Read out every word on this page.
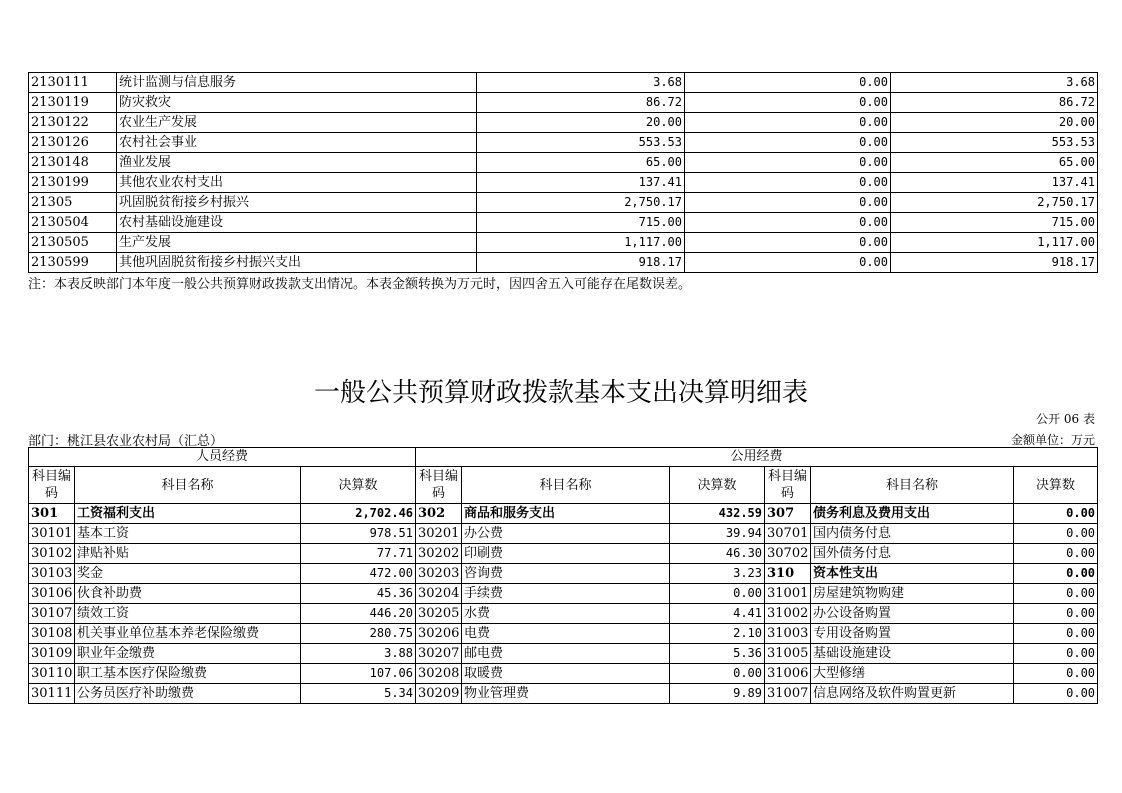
2130111	统计监测与信息服务	3.68	0.00	3.68
2130119	防灾救灾	86.72	0.00	86.72
2130122	农业生产发展	20.00	0.00	20.00
2130126	农村社会事业	553.53	0.00	553.53
2130148	渔业发展	65.00	0.00	65.00
2130199	其他农业农村支出	137.41	0.00	137.41
21305	巩固脱贫衔接乡村振兴	2,750.17	0.00	2,750.17
2130504	农村基础设施建设	715.00	0.00	715.00
2130505	生产发展	1,117.00	0.00	1,117.00
2130599	其他巩固脱贫衔接乡村振兴支出	918.17	0.00	918.17
注：本表反映部门本年度一般公共预算财政拨款支出情况。本表金额转换为万元时，因四舍五入可能存在尾数误差。
一般公共预算财政拨款基本支出决算明细表
公开 06 表
部门：桃江县农业农村局（汇总）	金额单位：万元
人员经费			公用经费					
科目编码	科目名称	决算数	科目编码	科目名称	决算数	科目编码	科目名称	决算数
301	工资福利支出	2,702.46	302	商品和服务支出	432.59	307	债务利息及费用支出	0.00
30101	基本工资	978.51	30201	办公费	39.94	30701	国内债务付息	0.00
30102	津贴补贴	77.71	30202	印刷费	46.30	30702	国外债务付息	0.00
30103	奖金	472.00	30203	咨询费	3.23	310	资本性支出	0.00
30106	伙食补助费	45.36	30204	手续费	0.00	31001	房屋建筑物购建	0.00
30107	绩效工资	446.20	30205	水费	4.41	31002	办公设备购置	0.00
30108	机关事业单位基本养老保险缴费	280.75	30206	电费	2.10	31003	专用设备购置	0.00
30109	职业年金缴费	3.88	30207	邮电费	5.36	31005	基础设施建设	0.00
30110	职工基本医疗保险缴费	107.06	30208	取暖费	0.00	31006	大型修缮	0.00
30111	公务员医疗补助缴费	5.34	30209	物业管理费	9.89	31007	信息网络及软件购置更新	0.00
